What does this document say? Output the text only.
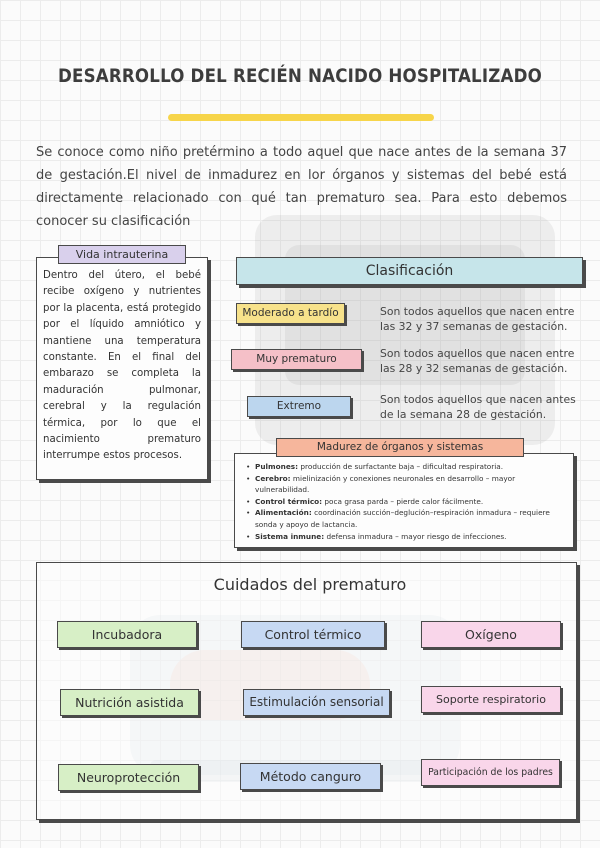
DESARROLLO DEL RECIÉN NACIDO HOSPITALIZADO
Se conoce como niño pretérmino a todo aquel que nace antes de la semana 37 de gestación.El nivel de inmadurez en lor órganos y sistemas del bebé está directamente relacionado con qué tan prematuro sea. Para esto debemos conocer su clasificación

Dentro del útero, el bebé recibe oxígeno y nutrientes por la placenta, está protegido por el líquido amniótico y mantiene una temperatura constante. En el final del embarazo se completa la maduración pulmonar, cerebral y la regulación térmica, por lo que el nacimiento prematuro interrumpe estos procesos.

Vida intrauterina
Clasificación
Moderado a tardío	Son todos aquellos que nacen entre las 32 y 37 semanas de gestación.
Muy prematuro	Son todos aquellos que nacen entre las 28 y 32 semanas de gestación.
Extremo	Son todos aquellos que nacen antes de la semana 28 de gestación.
• Pulmones: producción de surfactante baja – dificultad respiratoria.
• Cerebro: mielinización y conexiones neuronales en desarrollo – mayor vulnerabilidad.
• Control térmico: poca grasa parda – pierde calor fácilmente.
• Alimentación: coordinación succión–deglución–respiración inmadura – requiere sonda y apoyo de lactancia.
• Sistema inmune: defensa inmadura – mayor riesgo de infecciones.
Madurez de órganos y sistemas
Cuidados del prematuro
Incubadora	Control térmico	Oxígeno
Nutrición asistida	Estimulación sensorial	Soporte respiratorio
Neuroprotección	Método canguro	Participación de los padres
